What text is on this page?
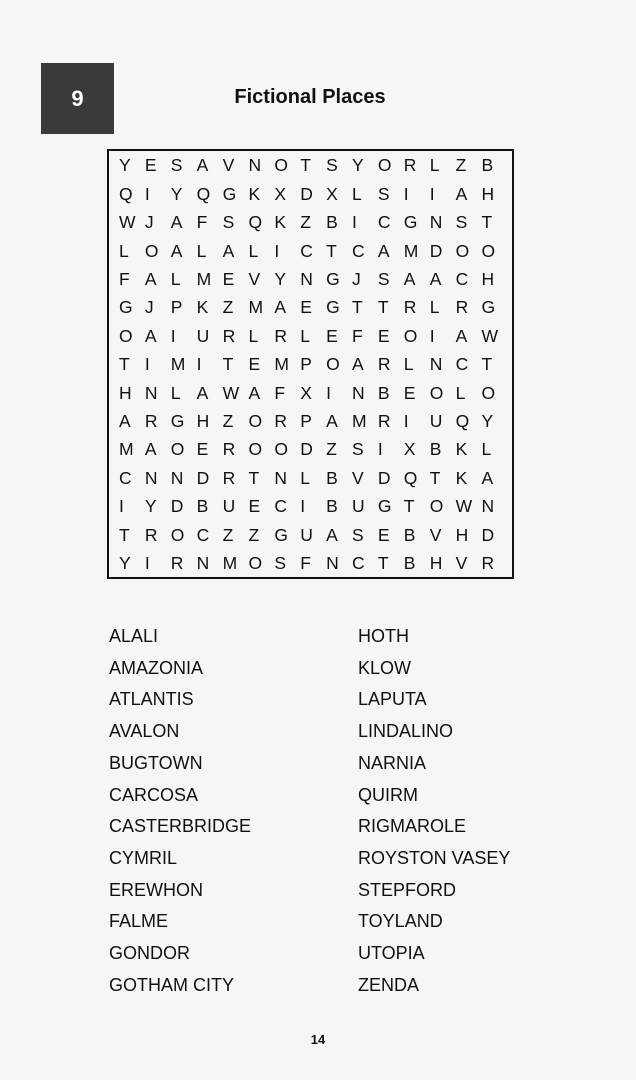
9	Fictional Places
Y E S A V N O T S Y O R L Z B
Q I	Y Q G K X D X L S I	I	A H
W J A F S Q K Z B I	C G N S T
L O A L A L I	C T C A M D O O
F A L M E V Y N G J S A A C H
G J P K Z M A E G T T R L R G
O A I	U R L R L E F E O I	A W
T I	M I	T E M P O A R L N C T
H N L A W A F X I	N B E O L O
A R G H Z O R P A M R I	U Q Y
M A O E R O O D Z S I	X B K L
C N N D R T N L B V D Q T K A
I	Y D B U E C I	B U G T O W N
T R O C Z Z G U A S E B V H D
Y I	R N M O S F N C T B H V R
ALALI
AMAZONIA
ATLANTIS
AVALON
BUGTOWN
CARCOSA
CASTERBRIDGE
CYMRIL
EREWHON
FALME
GONDOR
GOTHAM CITY
HOTH
KLOW
LAPUTA
LINDALINO
NARNIA
QUIRM
RIGMAROLE
ROYSTON VASEY
STEPFORD
TOYLAND
UTOPIA
ZENDA
14
